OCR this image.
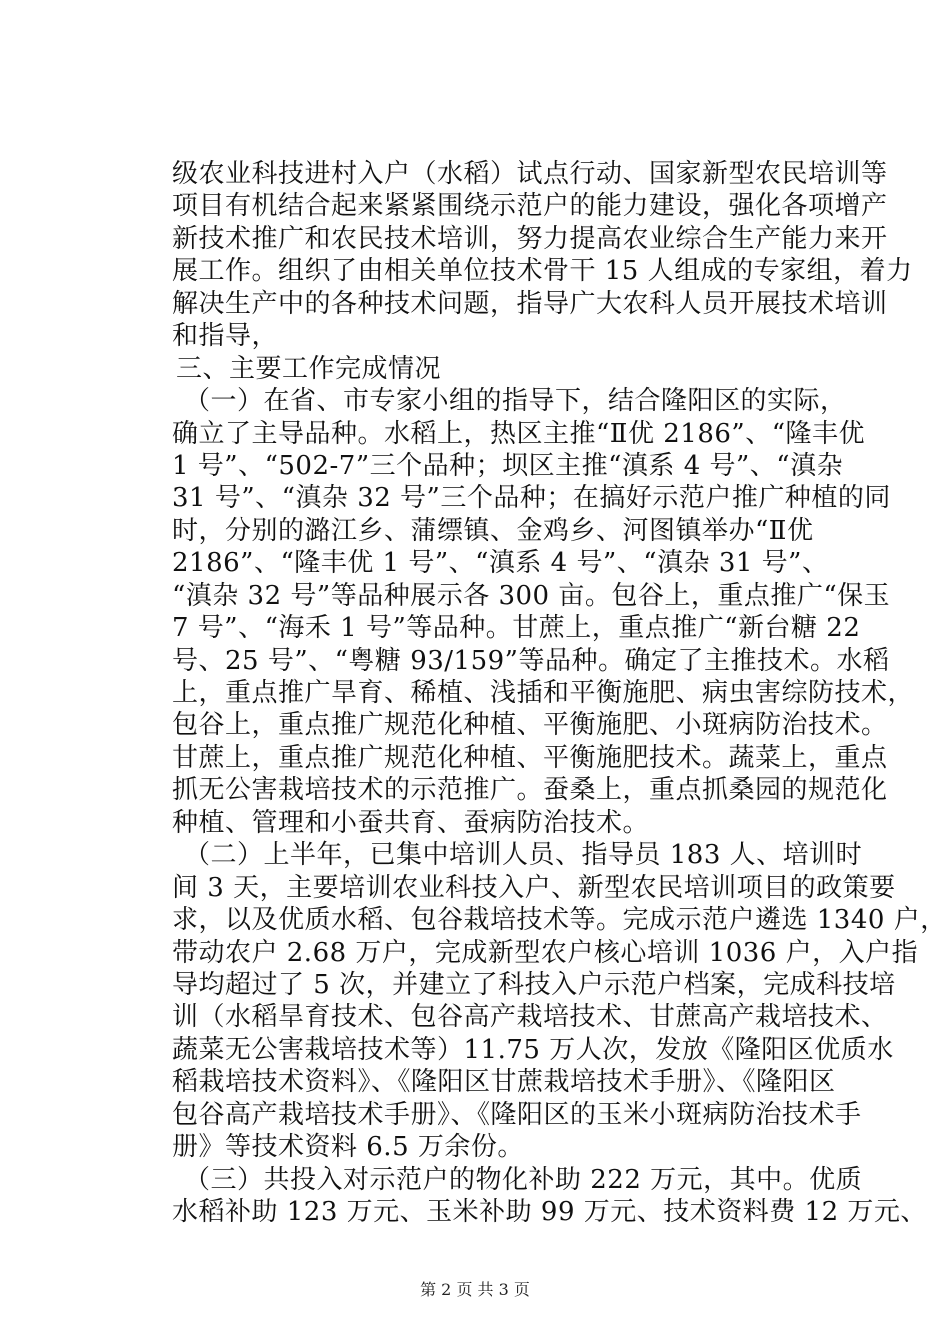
级农业科技进村入户（水稻）试点行动、国家新型农民培训等
项目有机结合起来紧紧围绕示范户的能力建设，强化各项增产
新技术推广和农民技术培训，努力提高农业综合生产能力来开
展工作。组织了由相关单位技术骨干 15 人组成的专家组，着力
解决生产中的各种技术问题，指导广大农科人员开展技术培训
和指导，
三、主要工作完成情况
（一）在省、市专家小组的指导下，结合隆阳区的实际，
确立了主导品种。水稻上，热区主推“Ⅱ优 2186”、“隆丰优
1 号”、“502-7”三个品种；坝区主推“滇系 4 号”、“滇杂
31 号”、“滇杂 32 号”三个品种；在搞好示范户推广种植的同
时，分别的潞江乡、蒲缥镇、金鸡乡、河图镇举办“Ⅱ优
2186”、“隆丰优 1 号”、“滇系 4 号”、“滇杂 31 号”、
“滇杂 32 号”等品种展示各 300 亩。包谷上，重点推广“保玉
7 号”、“海禾 1 号”等品种。甘蔗上，重点推广“新台糖 22
号、25 号”、“粤糖 93/159”等品种。确定了主推技术。水稻
上，重点推广旱育、稀植、浅插和平衡施肥、病虫害综防技术，
包谷上，重点推广规范化种植、平衡施肥、小斑病防治技术。
甘蔗上，重点推广规范化种植、平衡施肥技术。蔬菜上，重点
抓无公害栽培技术的示范推广。蚕桑上，重点抓桑园的规范化
种植、管理和小蚕共育、蚕病防治技术。
（二）上半年，已集中培训人员、指导员 183 人、培训时
间 3 天，主要培训农业科技入户、新型农民培训项目的政策要
求，以及优质水稻、包谷栽培技术等。完成示范户遴选 1340 户，
带动农户 2.68 万户，完成新型农户核心培训 1036 户，入户指
导均超过了 5 次，并建立了科技入户示范户档案，完成科技培
训（水稻旱育技术、包谷高产栽培技术、甘蔗高产栽培技术、
蔬菜无公害栽培技术等）11.75 万人次，发放《隆阳区优质水
稻栽培技术资料》、《隆阳区甘蔗栽培技术手册》、《隆阳区
包谷高产栽培技术手册》、《隆阳区的玉米小斑病防治技术手
册》等技术资料 6.5 万余份。
（三）共投入对示范户的物化补助 222 万元，其中。优质
水稻补助 123 万元、玉米补助 99 万元、技术资料费 12 万元、
第 2 页 共 3 页
